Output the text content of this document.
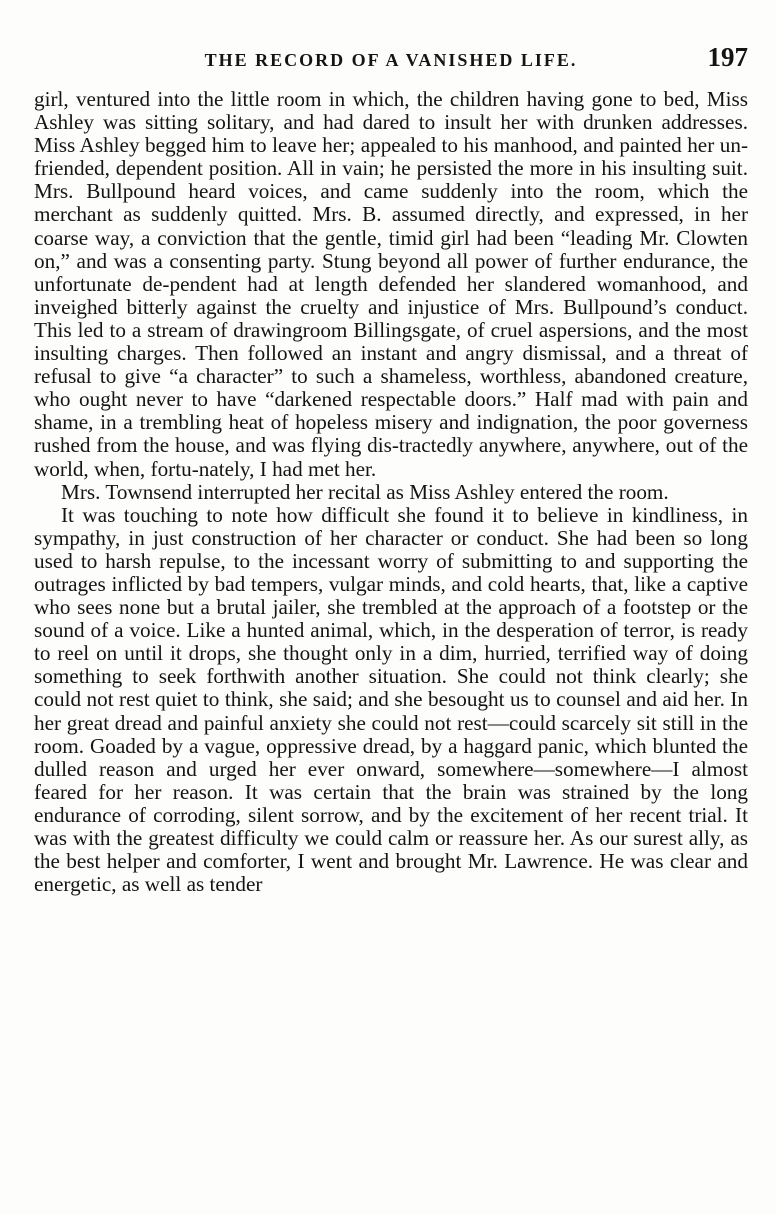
THE RECORD OF A VANISHED LIFE.	197

girl, ventured into the little room in which, the children having gone to bed, Miss Ashley was sitting solitary, and had dared to insult her with drunken addresses. Miss Ashley begged him to leave her; appealed to his manhood, and painted her un-friended, dependent position. All in vain; he persisted the more in his insulting suit. Mrs. Bullpound heard voices, and came suddenly into the room, which the merchant as suddenly quitted. Mrs. B. assumed directly, and expressed, in her coarse way, a conviction that the gentle, timid girl had been “leading Mr. Clowten on,” and was a consenting party. Stung beyond all power of further endurance, the unfortunate de-pendent had at length defended her slandered womanhood, and inveighed bitterly against the cruelty and injustice of Mrs. Bullpound’s conduct. This led to a stream of drawingroom Billingsgate, of cruel aspersions, and the most insulting charges. Then followed an instant and angry dismissal, and a threat of refusal to give “a character” to such a shameless, worthless, abandoned creature, who ought never to have “darkened respectable doors.” Half mad with pain and shame, in a trembling heat of hopeless misery and indignation, the poor governess rushed from the house, and was flying dis-tractedly anywhere, anywhere, out of the world, when, fortu-nately, I had met her.

Mrs. Townsend interrupted her recital as Miss Ashley entered the room.

It was touching to note how difficult she found it to believe in kindliness, in sympathy, in just construction of her character or conduct. She had been so long used to harsh repulse, to the incessant worry of submitting to and supporting the outrages inflicted by bad tempers, vulgar minds, and cold hearts, that, like a captive who sees none but a brutal jailer, she trembled at the approach of a footstep or the sound of a voice. Like a hunted animal, which, in the desperation of terror, is ready to reel on until it drops, she thought only in a dim, hurried, terrified way of doing something to seek forthwith another situation. She could not think clearly; she could not rest quiet to think, she said; and she besought us to counsel and aid her. In her great dread and painful anxiety she could not rest—could scarcely sit still in the room. Goaded by a vague, oppressive dread, by a haggard panic, which blunted the dulled reason and urged her ever onward, somewhere—somewhere—I almost feared for her reason. It was certain that the brain was strained by the long endurance of corroding, silent sorrow, and by the excitement of her recent trial. It was with the greatest difficulty we could calm or reassure her. As our surest ally, as the best helper and comforter, I went and brought Mr. Lawrence. He was clear and energetic, as well as tender
